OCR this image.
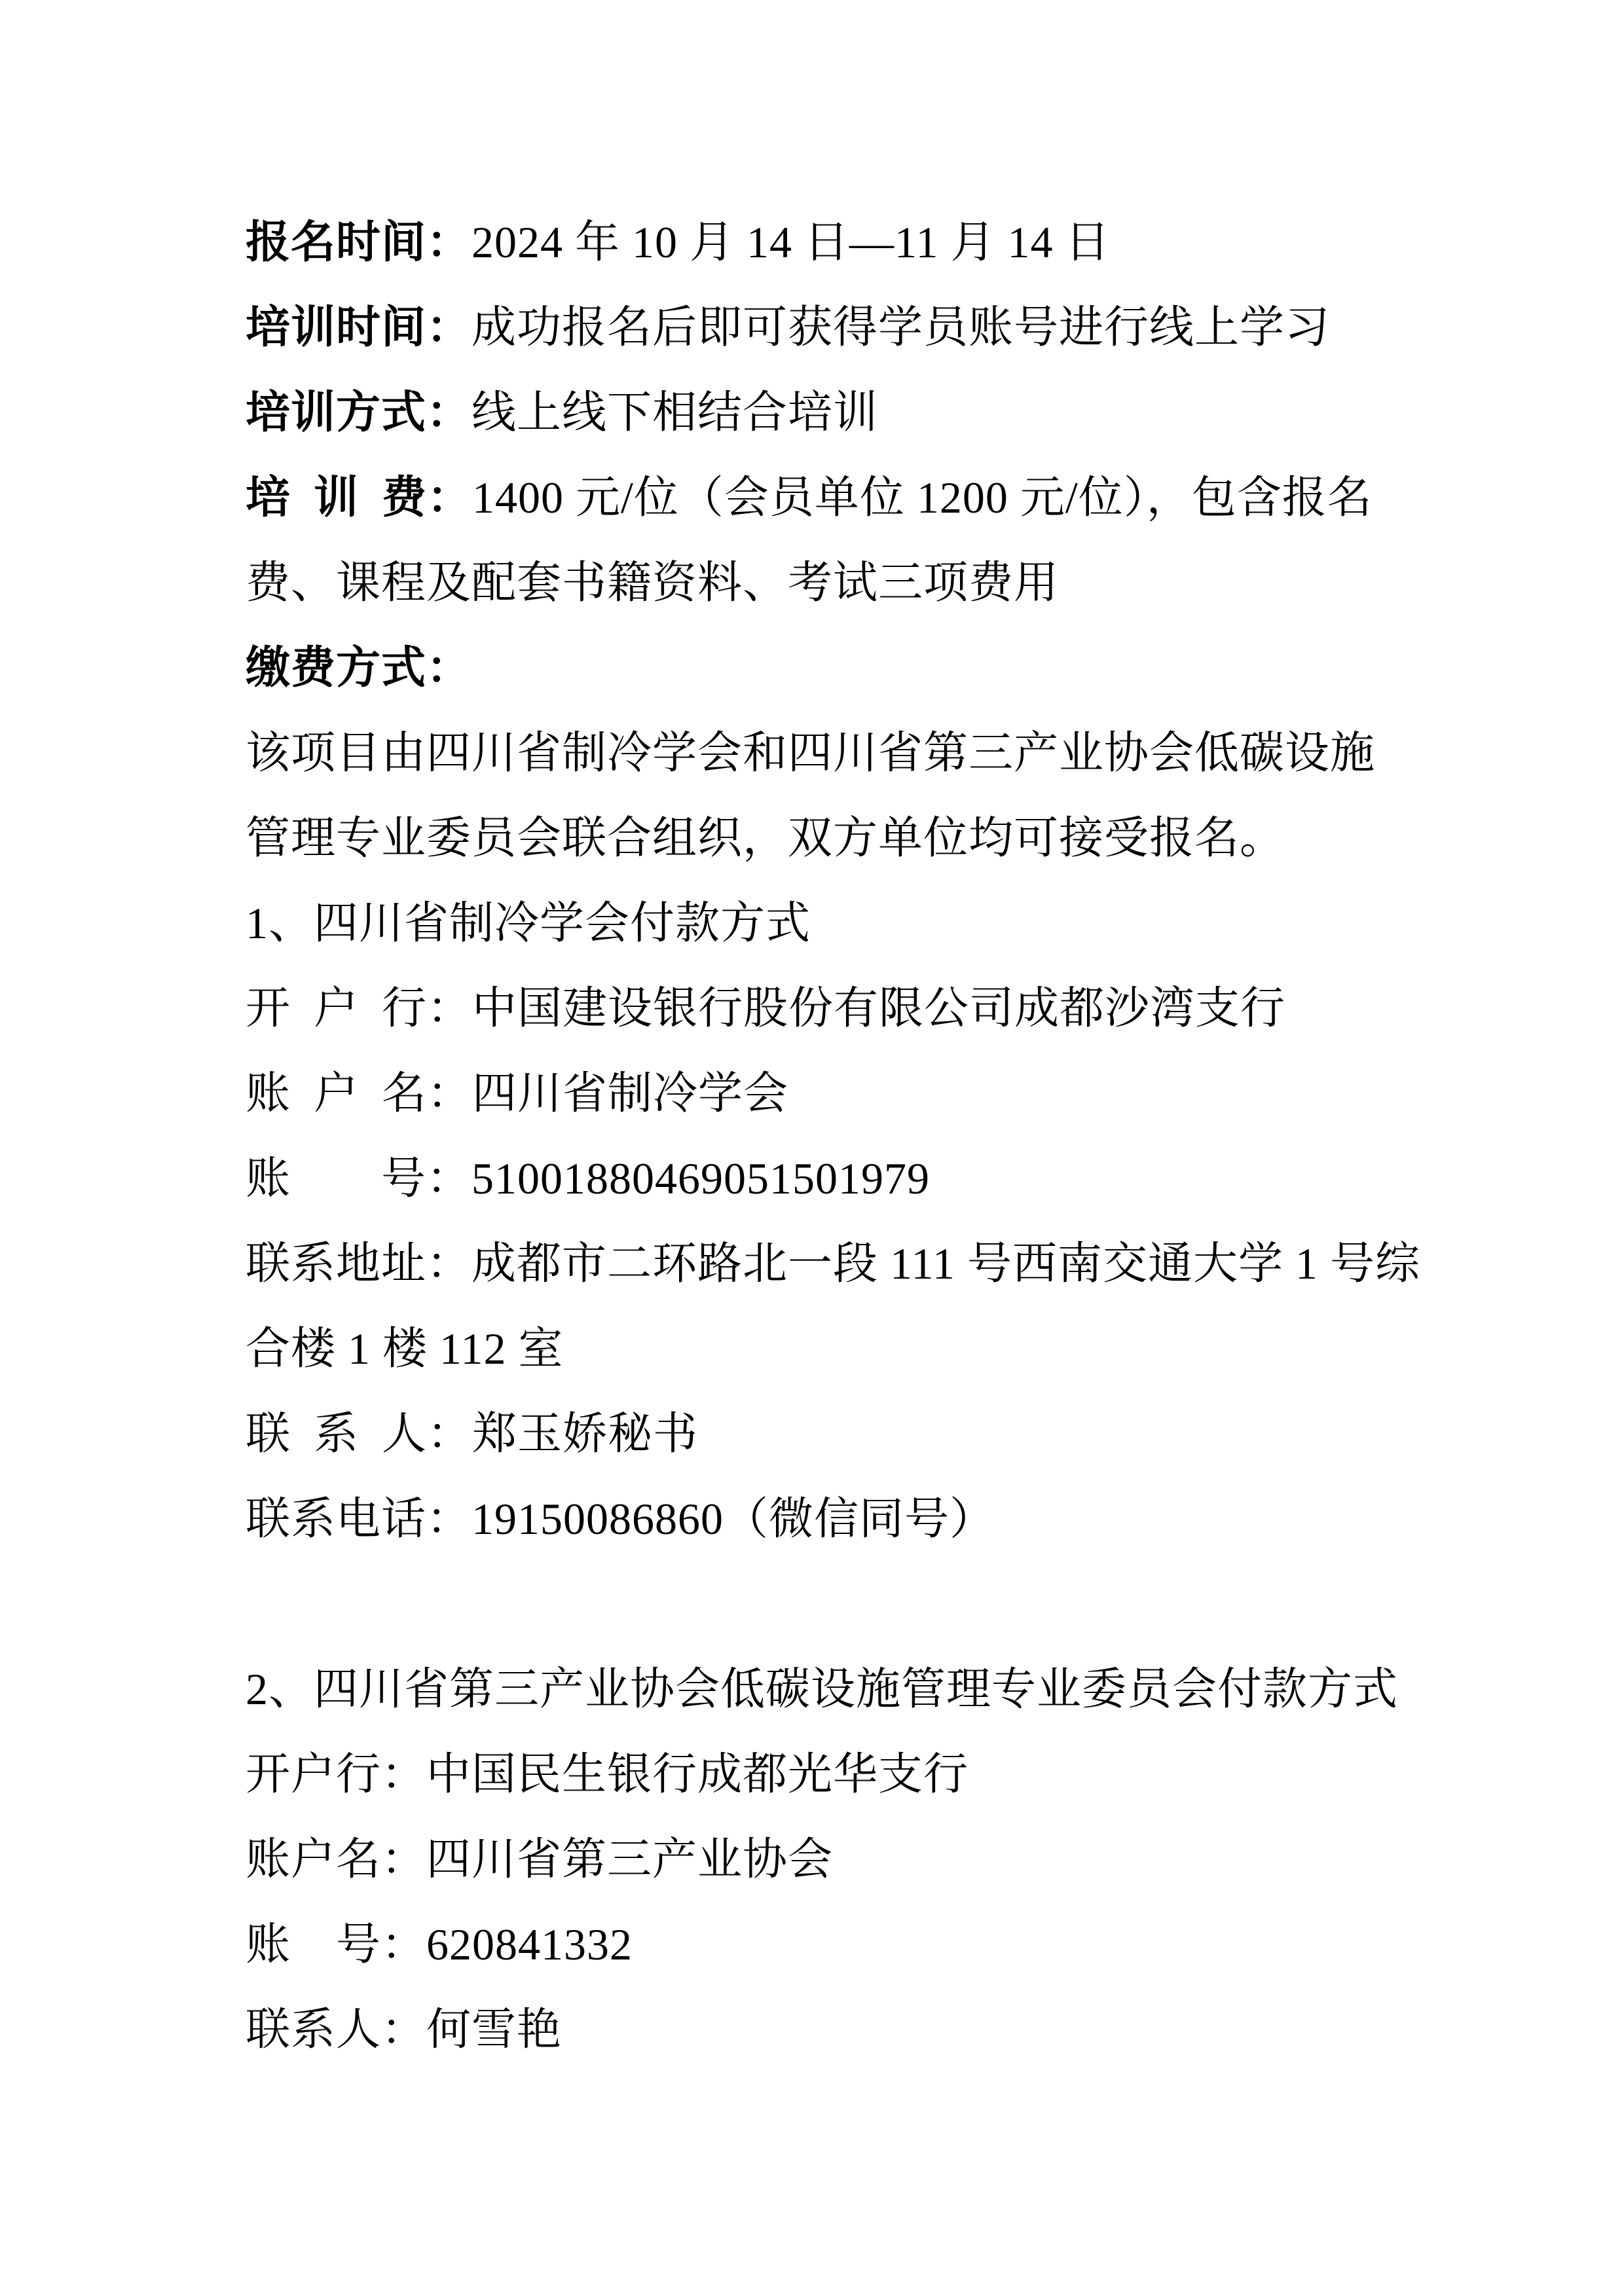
报名时间：2024 年 10 月 14 日—11 月 14 日
培训时间：成功报名后即可获得学员账号进行线上学习
培训方式：线上线下相结合培训
培 训 费：1400 元/位（会员单位 1200 元/位），包含报名
费、课程及配套书籍资料、考试三项费用
缴费方式：
该项目由四川省制冷学会和四川省第三产业协会低碳设施
管理专业委员会联合组织，双方单位均可接受报名。
1、四川省制冷学会付款方式
开 户 行：中国建设银行股份有限公司成都沙湾支行
账 户 名：四川省制冷学会
账  号：51001880469051501979
联系地址：成都市二环路北一段 111 号西南交通大学 1 号综
合楼 1 楼 112 室
联 系 人：郑玉娇秘书
联系电话：19150086860（微信同号）
2、四川省第三产业协会低碳设施管理专业委员会付款方式
开户行：中国民生银行成都光华支行
账户名：四川省第三产业协会
账 号：620841332
联系人：何雪艳
